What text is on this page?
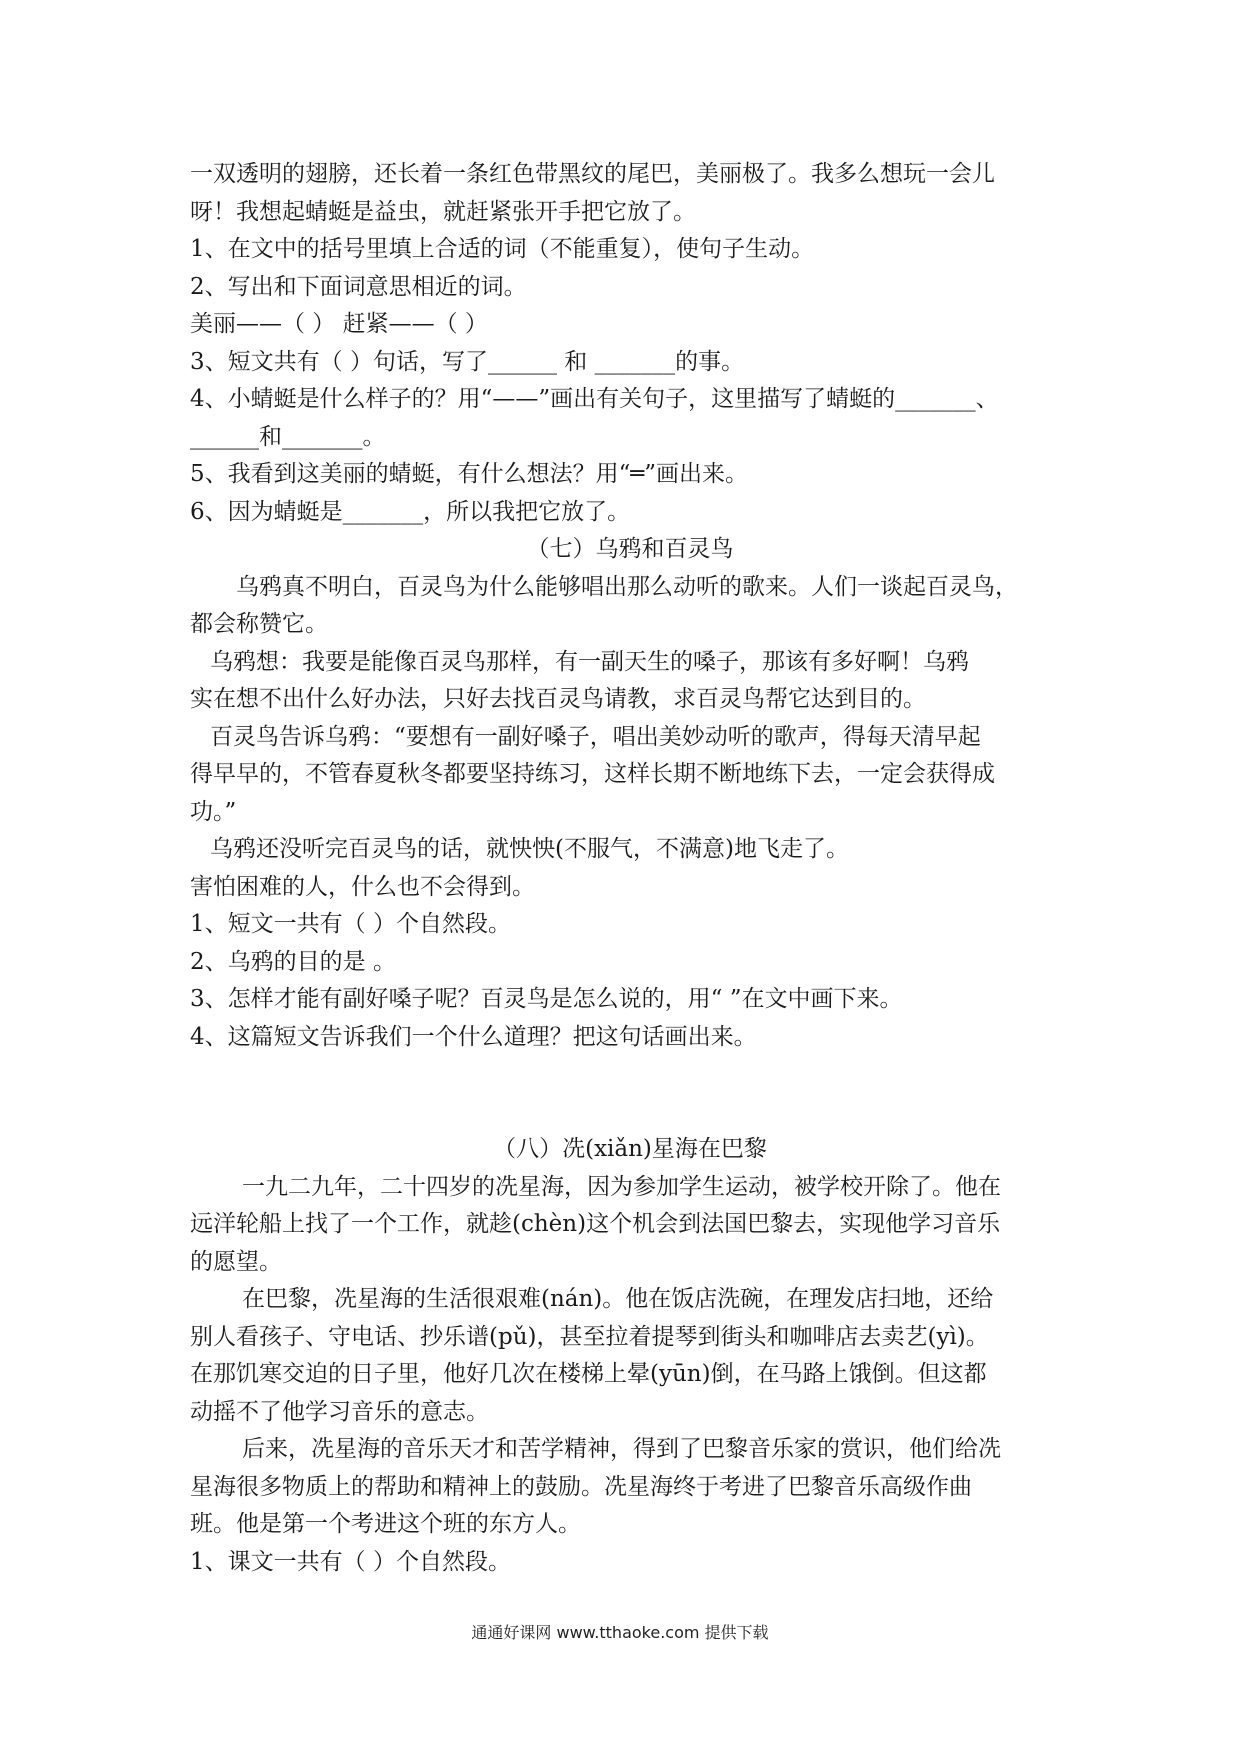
一双透明的翅膀，还长着一条红色带黑纹的尾巴，美丽极了。我多么想玩一会儿
呀！我想起蜻蜓是益虫，就赶紧张开手把它放了。
1、在文中的括号里填上合适的词（不能重复），使句子生动。
2、写出和下面词意思相近的词。
美丽——（ ） 赶紧——（ ）
3、短文共有（ ）句话，写了______ 和 _______的事。
4、小蜻蜓是什么样子的？用“——”画出有关句子，这里描写了蜻蜓的_______、
______和_______。
5、我看到这美丽的蜻蜓，有什么想法？用“═”画出来。
6、因为蜻蜓是_______，所以我把它放了。
（七）乌鸦和百灵鸟
乌鸦真不明白，百灵鸟为什么能够唱出那么动听的歌来。人们一谈起百灵鸟，
都会称赞它。
乌鸦想：我要是能像百灵鸟那样，有一副天生的嗓子，那该有多好啊！乌鸦
实在想不出什么好办法，只好去找百灵鸟请教，求百灵鸟帮它达到目的。
百灵鸟告诉乌鸦：“要想有一副好嗓子，唱出美妙动听的歌声，得每天清早起
得早早的，不管春夏秋冬都要坚持练习，这样长期不断地练下去，一定会获得成
功。”
乌鸦还没听完百灵鸟的话，就怏怏(不服气，不满意)地飞走了。
害怕困难的人，什么也不会得到。
1、短文一共有（ ）个自然段。
2、乌鸦的目的是 。
3、怎样才能有副好嗓子呢？百灵鸟是怎么说的，用“ ”在文中画下来。
4、这篇短文告诉我们一个什么道理？把这句话画出来。
（八）冼(xiǎn)星海在巴黎
一九二九年，二十四岁的冼星海，因为参加学生运动，被学校开除了。他在
远洋轮船上找了一个工作，就趁(chèn)这个机会到法国巴黎去，实现他学习音乐
的愿望。
在巴黎，冼星海的生活很艰难(nán)。他在饭店洗碗，在理发店扫地，还给
别人看孩子、守电话、抄乐谱(pǔ)，甚至拉着提琴到街头和咖啡店去卖艺(yì)。
在那饥寒交迫的日子里，他好几次在楼梯上晕(yūn)倒，在马路上饿倒。但这都
动摇不了他学习音乐的意志。
后来，冼星海的音乐天才和苦学精神，得到了巴黎音乐家的赏识，他们给冼
星海很多物质上的帮助和精神上的鼓励。冼星海终于考进了巴黎音乐高级作曲
班。他是第一个考进这个班的东方人。
1、课文一共有（ ）个自然段。
通通好课网 www.tthaoke.com 提供下载
